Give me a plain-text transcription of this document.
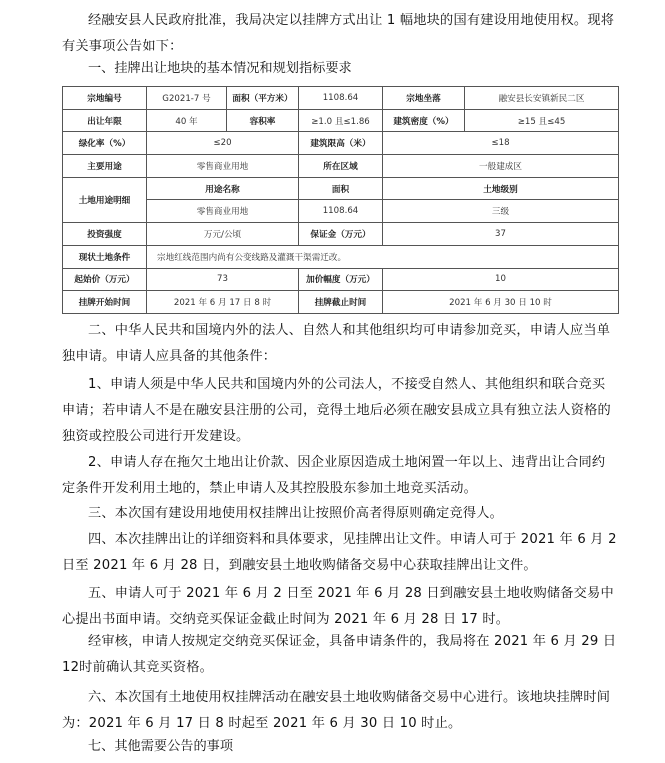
经融安县人民政府批准，我局决定以挂牌方式出让 1 幅地块的国有建设用地使用权。现将有关事项公告如下：

一、挂牌出让地块的基本情况和规划指标要求

宗地编号	G2021-7 号	面积（平方米）	1108.64	宗地坐落	融安县长安镇新民二区
出让年限	40 年	容积率	≥1.0 且≤1.86	建筑密度（%）	≥15 且≤45
绿化率（%）	≤20		建筑限高（米）	≤18	
主要用途	零售商业用地		所在区域	一般建成区	
土地用途明细	用途名称		面积	土地级别	
	零售商业用地		1108.64	三级	
投资强度	万元/公顷		保证金（万元）	37	
现状土地条件	宗地红线范围内尚有公变线路及灌溉干渠需迁改。				
起始价（万元）	73		加价幅度（万元）	10	
挂牌开始时间	2021 年 6 月 17 日 8 时		挂牌截止时间	2021 年 6 月 30 日 10 时	

二、中华人民共和国境内外的法人、自然人和其他组织均可申请参加竞买，申请人应当单独申请。申请人应具备的其他条件：

1、申请人须是中华人民共和国境内外的公司法人，不接受自然人、其他组织和联合竞买申请；若申请人不是在融安县注册的公司，竞得土地后必须在融安县成立具有独立法人资格的独资或控股公司进行开发建设。

2、申请人存在拖欠土地出让价款、因企业原因造成土地闲置一年以上、违背出让合同约定条件开发利用土地的，禁止申请人及其控股股东参加土地竞买活动。

三、本次国有建设用地使用权挂牌出让按照价高者得原则确定竞得人。

四、本次挂牌出让的详细资料和具体要求，见挂牌出让文件。申请人可于 2021 年 6 月 2 日至 2021 年 6 月 28 日，到融安县土地收购储备交易中心获取挂牌出让文件。

五、申请人可于 2021 年 6 月 2 日至 2021 年 6 月 28 日到融安县土地收购储备交易中心提出书面申请。交纳竞买保证金截止时间为 2021 年 6 月 28 日 17 时。

经审核，申请人按规定交纳竞买保证金，具备申请条件的，我局将在 2021 年 6 月 29 日 12时前确认其竞买资格。

六、本次国有土地使用权挂牌活动在融安县土地收购储备交易中心进行。该地块挂牌时间为：2021 年 6 月 17 日 8 时起至 2021 年 6 月 30 日 10 时止。

七、其他需要公告的事项
